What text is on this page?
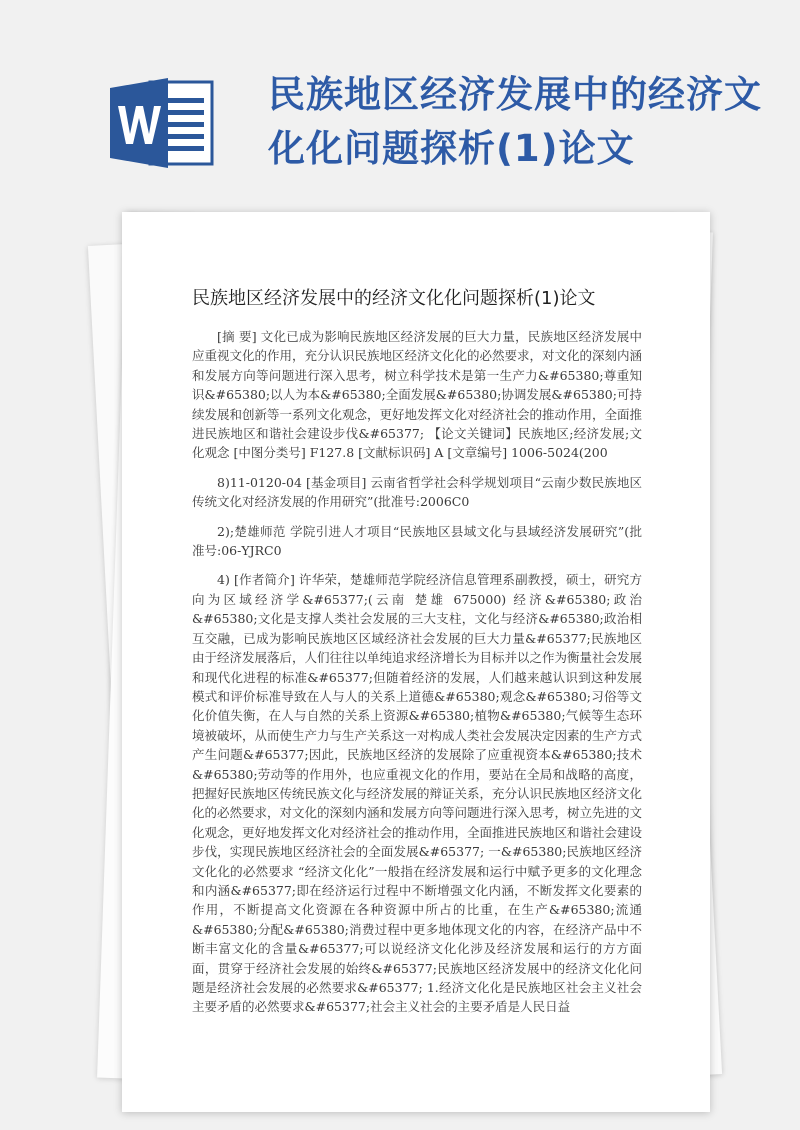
民族地区经济发展中的经济文化化问题探析(1)论文
民族地区经济发展中的经济文化化问题探析(1)论文

[摘 要] 文化已成为影响民族地区经济发展的巨大力量，民族地区经济发展中应重视文化的作用，充分认识民族地区经济文化化的必然要求，对文化的深刻内涵和发展方向等问题进行深入思考，树立科学技术是第一生产力&#65380;尊重知识&#65380;以人为本&#65380;全面发展&#65380;协调发展&#65380;可持续发展和创新等一系列文化观念，更好地发挥文化对经济社会的推动作用，全面推进民族地区和谐社会建设步伐&#65377; 【论文关键词】民族地区;经济发展;文化观念 [中图分类号] F127.8 [文献标识码] A [文章编号] 1006-5024(200

8)11-0120-04 [基金项目] 云南省哲学社会科学规划项目“云南少数民族地区传统文化对经济发展的作用研究”(批准号:2006C0

2);楚雄师范 学院引进人才项目“民族地区县域文化与县域经济发展研究”(批准号:06-YJRC0

4) [作者简介] 许华荣，楚雄师范学院经济信息管理系副教授，硕士，研究方向为区域经济学&#65377;(云南 楚雄 675000) 经济&#65380;政治&#65380;文化是支撑人类社会发展的三大支柱，文化与经济&#65380;政治相互交融，已成为影响民族地区区域经济社会发展的巨大力量&#65377;民族地区由于经济发展落后，人们往往以单纯追求经济增长为目标并以之作为衡量社会发展和现代化进程的标准&#65377;但随着经济的发展，人们越来越认识到这种发展模式和评价标准导致在人与人的关系上道德&#65380;观念&#65380;习俗等文化价值失衡，在人与自然的关系上资源&#65380;植物&#65380;气候等生态环境被破坏，从而使生产力与生产关系这一对构成人类社会发展决定因素的生产方式产生问题&#65377;因此，民族地区经济的发展除了应重视资本&#65380;技术&#65380;劳动等的作用外，也应重视文化的作用，要站在全局和战略的高度，把握好民族地区传统民族文化与经济发展的辩证关系，充分认识民族地区经济文化化的必然要求，对文化的深刻内涵和发展方向等问题进行深入思考，树立先进的文化观念，更好地发挥文化对经济社会的推动作用，全面推进民族地区和谐社会建设步伐，实现民族地区经济社会的全面发展&#65377; 一&#65380;民族地区经济文化化的必然要求 “经济文化化”一般指在经济发展和运行中赋予更多的文化理念和内涵&#65377;即在经济运行过程中不断增强文化内涵，不断发挥文化要素的作用，不断提高文化资源在各种资源中所占的比重，在生产&#65380;流通&#65380;分配&#65380;消费过程中更多地体现文化的内容，在经济产品中不断丰富文化的含量&#65377;可以说经济文化化涉及经济发展和运行的方方面面，贯穿于经济社会发展的始终&#65377;民族地区经济发展中的经济文化化问题是经济社会发展的必然要求&#65377; 1.经济文化化是民族地区社会主义社会主要矛盾的必然要求&#65377;社会主义社会的主要矛盾是人民日益
